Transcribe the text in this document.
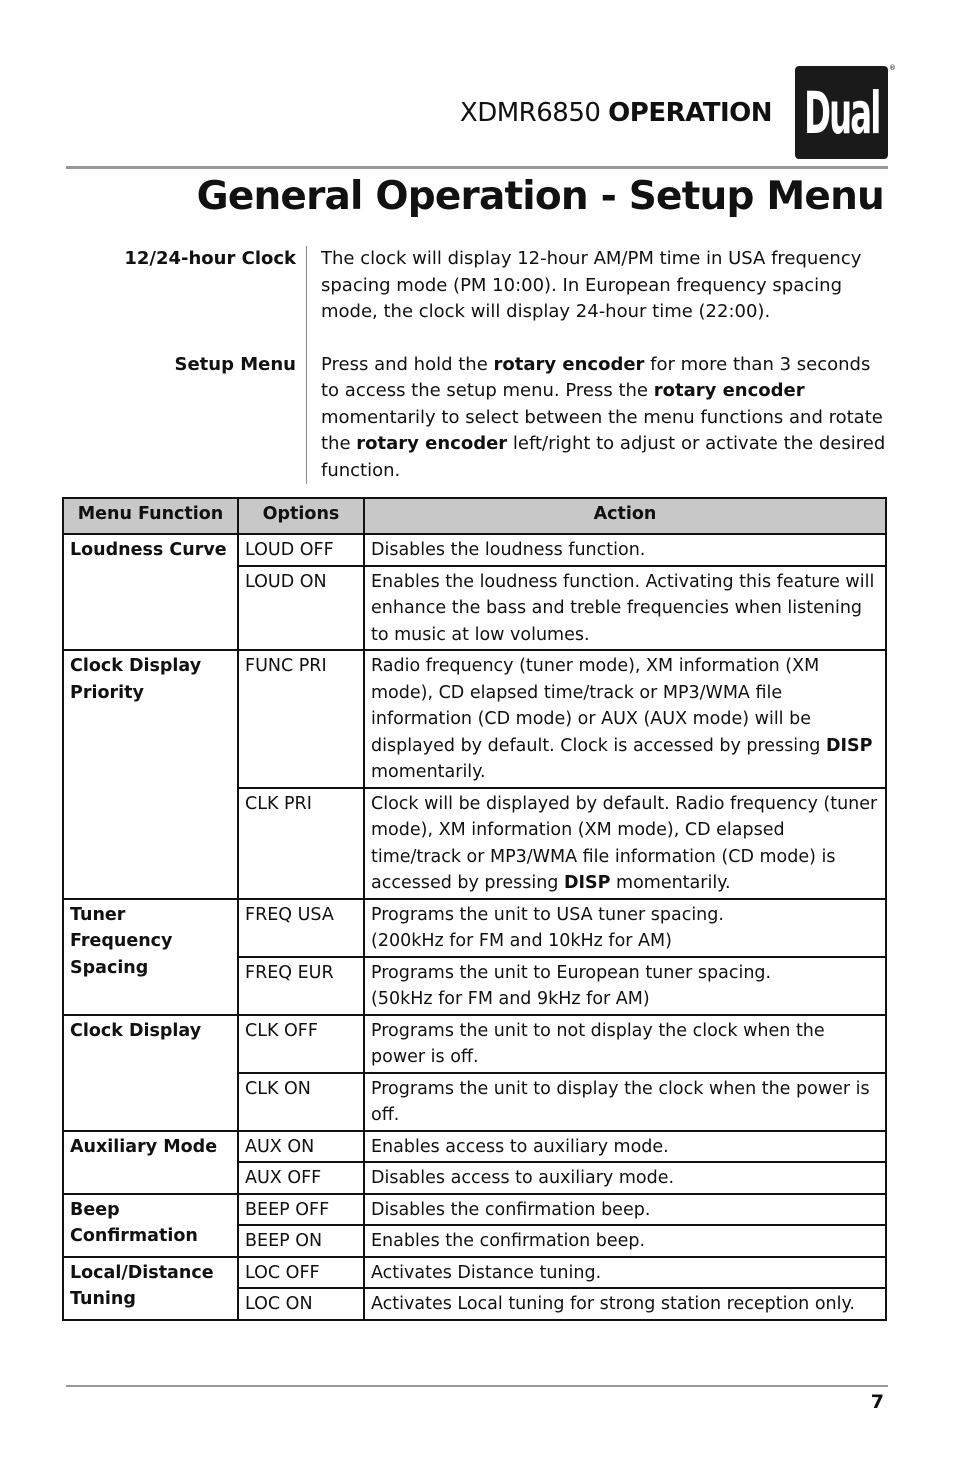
XDMR6850 OPERATION Dual
®
General Operation - Setup Menu
12/24-hour Clock	The clock will display 12-hour AM/PM time in USA frequency spacing mode (PM 10:00). In European frequency spacing mode, the clock will display 24-hour time (22:00).
Setup Menu	Press and hold the rotary encoder for more than 3 seconds to access the setup menu. Press the rotary encoder momentarily to select between the menu functions and rotate the rotary encoder left/right to adjust or activate the desired function.
Menu Function	Options	Action
Loudness Curve	LOUD OFF	Disables the loudness function.
	LOUD ON	Enables the loudness function. Activating this feature will enhance the bass and treble frequencies when listening to music at low volumes.
Clock Display Priority	FUNC PRI	Radio frequency (tuner mode), XM information (XM mode), CD elapsed time/track or MP3/WMA file information (CD mode) or AUX (AUX mode) will be displayed by default. Clock is accessed by pressing DISP momentarily.
	CLK PRI	Clock will be displayed by default. Radio frequency (tuner mode), XM information (XM mode), CD elapsed time/track or MP3/WMA file information (CD mode) is accessed by pressing DISP momentarily.
Tuner Frequency Spacing	FREQ USA	Programs the unit to USA tuner spacing.
(200kHz for FM and 10kHz for AM)
	FREQ EUR	Programs the unit to European tuner spacing.
(50kHz for FM and 9kHz for AM)
Clock Display	CLK OFF	Programs the unit to not display the clock when the power is off.
	CLK ON	Programs the unit to display the clock when the power is off.
Auxiliary Mode	AUX ON	Enables access to auxiliary mode.
	AUX OFF	Disables access to auxiliary mode.
Beep Confirmation	BEEP OFF	Disables the confirmation beep.
	BEEP ON	Enables the confirmation beep.
Local/Distance Tuning	LOC OFF	Activates Distance tuning.
	LOC ON	Activates Local tuning for strong station reception only.
7
